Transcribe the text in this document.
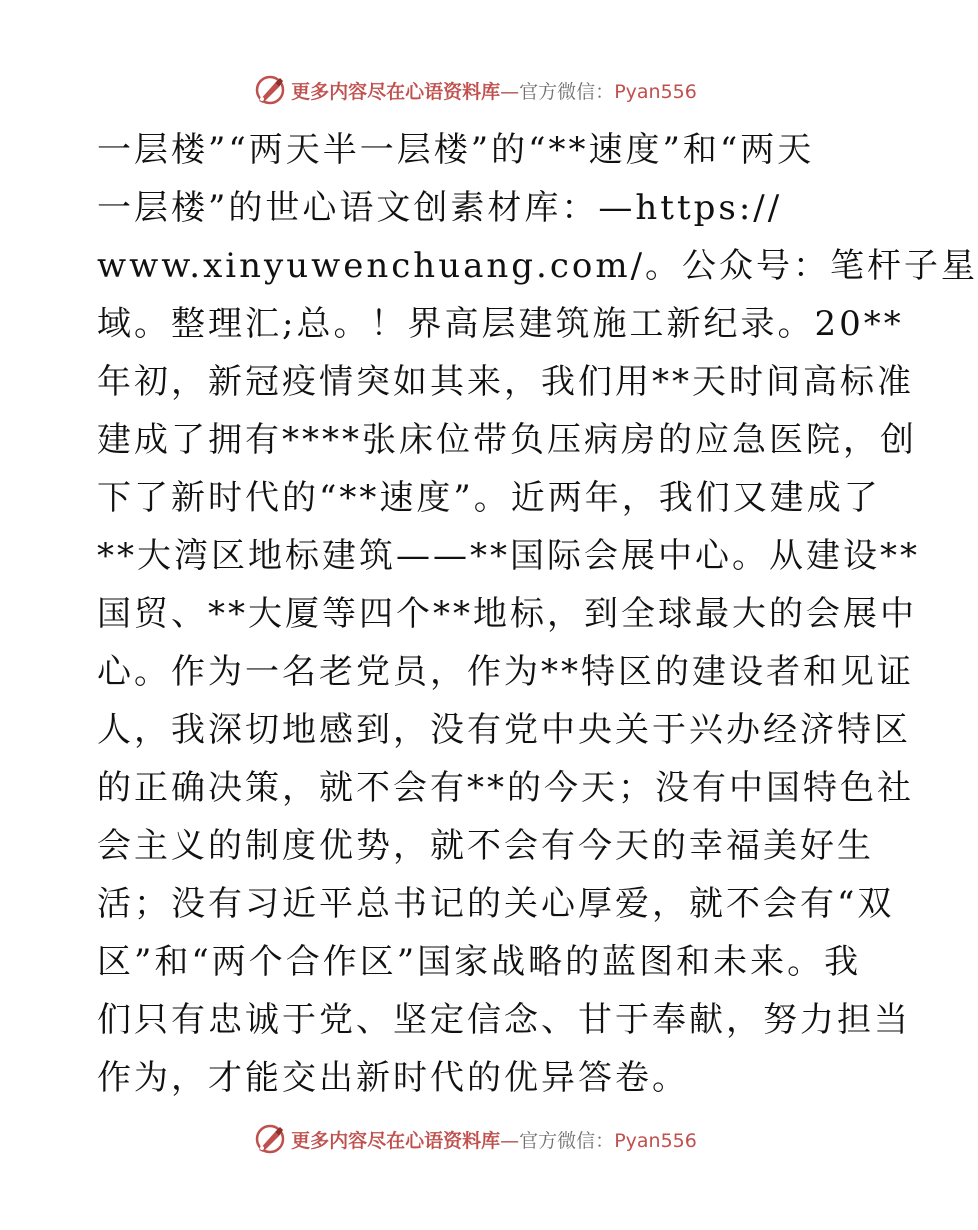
更多内容尽在心语资料库—官方微信：Pyan556
一层楼”“两天半一层楼”的“**速度”和“两天
一层楼”的世心语文创素材库：—https://
www.xinyuwenchuang.com/。公众号：笔杆子星
域。整理汇;总。！界高层建筑施工新纪录。20**
年初，新冠疫情突如其来，我们用**天时间高标准
建成了拥有****张床位带负压病房的应急医院，创
下了新时代的“**速度”。近两年，我们又建成了
**大湾区地标建筑——**国际会展中心。从建设**
国贸、**大厦等四个**地标，到全球最大的会展中
心。作为一名老党员，作为**特区的建设者和见证
人，我深切地感到，没有党中央关于兴办经济特区
的正确决策，就不会有**的今天；没有中国特色社
会主义的制度优势，就不会有今天的幸福美好生
活；没有习近平总书记的关心厚爱，就不会有“双
区”和“两个合作区”国家战略的蓝图和未来。我
们只有忠诚于党、坚定信念、甘于奉献，努力担当
作为，才能交出新时代的优异答卷。
更多内容尽在心语资料库—官方微信：Pyan556
